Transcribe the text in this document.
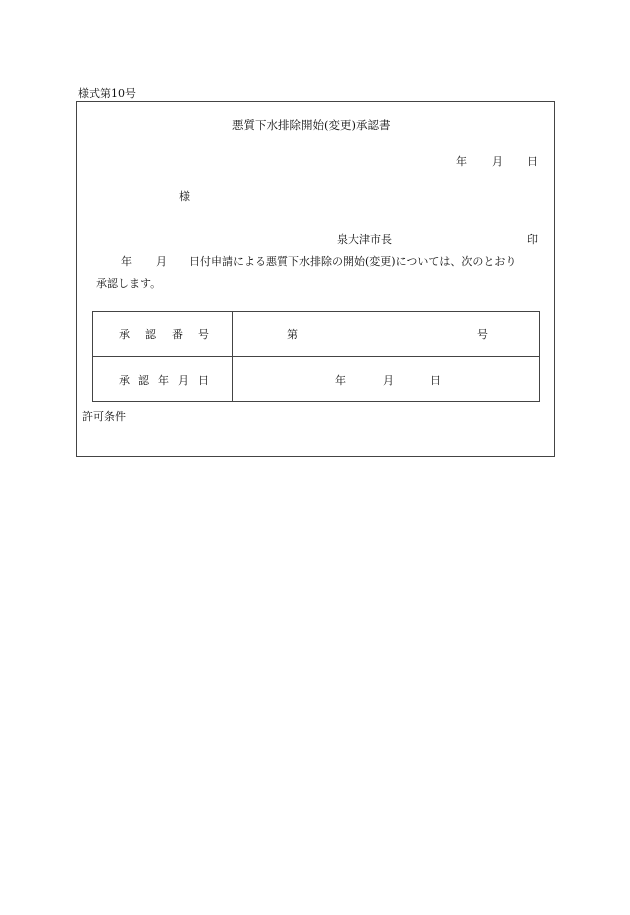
様式第10号
悪質下水排除開始(変更)承認書
年 月 日
様
泉大津市長	印
年 月 日付申請による悪質下水排除の開始(変更)については、次のとおり
承認します。
承 認 番 号	第	号
承 認 年 月 日	年	月	日
許可条件
